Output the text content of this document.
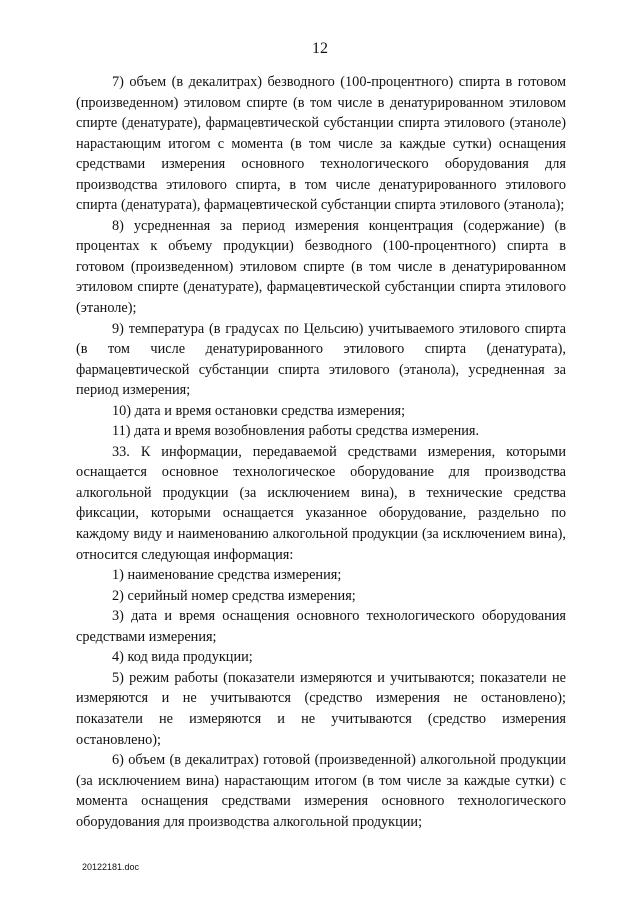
12

7) объем (в декалитрах) безводного (100-процентного) спирта в готовом (произведенном) этиловом спирте (в том числе в денатурированном этиловом спирте (денатурате), фармацевтической субстанции спирта этилового (этаноле) нарастающим итогом с момента (в том числе за каждые сутки) оснащения средствами измерения основного технологического оборудования для производства этилового спирта, в том числе денатурированного этилового спирта (денатурата), фармацевтической субстанции спирта этилового (этанола);

8) усредненная за период измерения концентрация (содержание) (в процентах к объему продукции) безводного (100-процентного) спирта в готовом (произведенном) этиловом спирте (в том числе в денатурированном этиловом спирте (денатурате), фармацевтической субстанции спирта этилового (этаноле);

9) температура (в градусах по Цельсию) учитываемого этилового спирта (в том числе денатурированного этилового спирта (денатурата), фармацевтической субстанции спирта этилового (этанола), усредненная за период измерения;

10) дата и время остановки средства измерения;

11) дата и время возобновления работы средства измерения.

33. К информации, передаваемой средствами измерения, которыми оснащается основное технологическое оборудование для производства алкогольной продукции (за исключением вина), в технические средства фиксации, которыми оснащается указанное оборудование, раздельно по каждому виду и наименованию алкогольной продукции (за исключением вина), относится следующая информация:

1) наименование средства измерения;

2) серийный номер средства измерения;

3) дата и время оснащения основного технологического оборудования средствами измерения;

4) код вида продукции;

5) режим работы (показатели измеряются и учитываются; показатели не измеряются и не учитываются (средство измерения не остановлено); показатели не измеряются и не учитываются (средство измерения остановлено);

6) объем (в декалитрах) готовой (произведенной) алкогольной продукции (за исключением вина) нарастающим итогом (в том числе за каждые сутки) с момента оснащения средствами измерения основного технологического оборудования для производства алкогольной продукции;

20122181.doc
